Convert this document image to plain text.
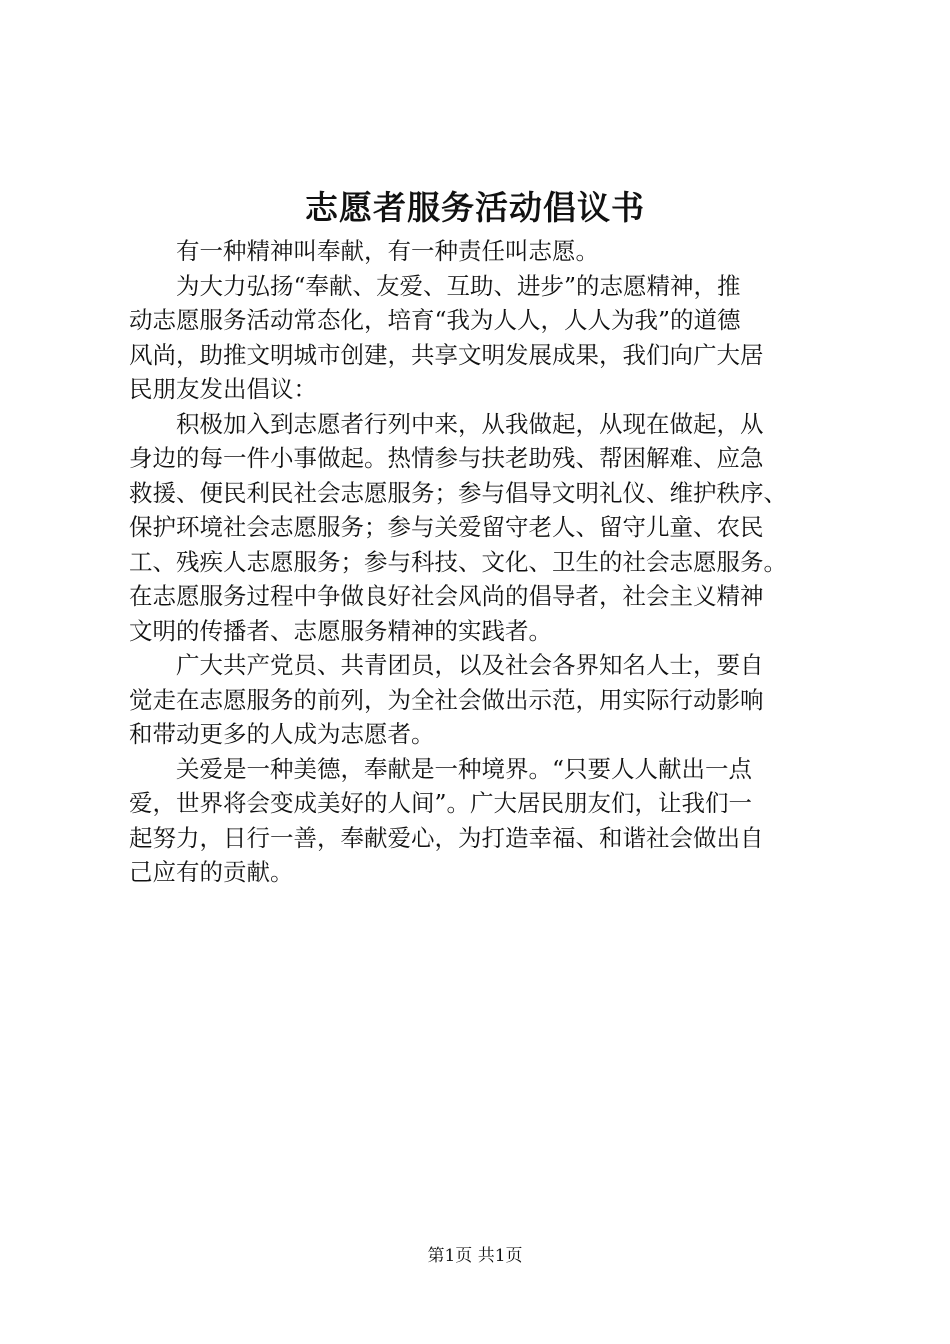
志愿者服务活动倡议书
　　有一种精神叫奉献，有一种责任叫志愿。
　　为大力弘扬“奉献、友爱、互助、进步”的志愿精神，推
动志愿服务活动常态化，培育“我为人人，人人为我”的道德
风尚，助推文明城市创建，共享文明发展成果，我们向广大居
民朋友发出倡议：
　　积极加入到志愿者行列中来，从我做起，从现在做起，从
身边的每一件小事做起。热情参与扶老助残、帮困解难、应急
救援、便民利民社会志愿服务；参与倡导文明礼仪、维护秩序、
保护环境社会志愿服务；参与关爱留守老人、留守儿童、农民
工、残疾人志愿服务；参与科技、文化、卫生的社会志愿服务。
在志愿服务过程中争做良好社会风尚的倡导者，社会主义精神
文明的传播者、志愿服务精神的实践者。
　　广大共产党员、共青团员，以及社会各界知名人士，要自
觉走在志愿服务的前列，为全社会做出示范，用实际行动影响
和带动更多的人成为志愿者。
　　关爱是一种美德，奉献是一种境界。“只要人人献出一点
爱，世界将会变成美好的人间”。广大居民朋友们，让我们一
起努力，日行一善，奉献爱心，为打造幸福、和谐社会做出自
己应有的贡献。
第1页 共1页
